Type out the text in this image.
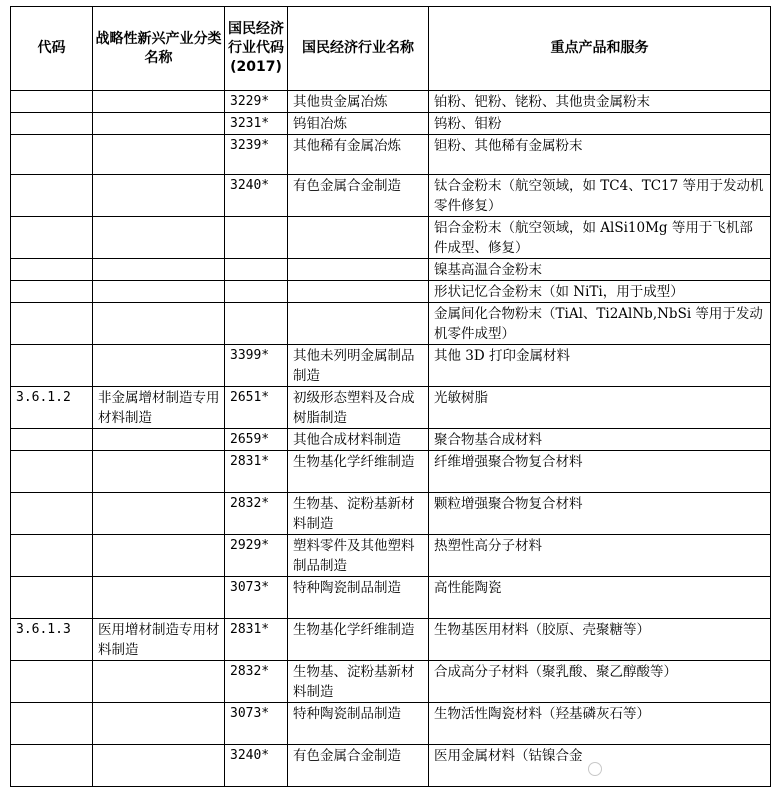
代码	战略性新兴产业分类名称	国民经济行业代码(2017)	国民经济行业名称	重点产品和服务
		3229*	其他贵金属冶炼	铂粉、钯粉、铑粉、其他贵金属粉末
		3231*	钨钼冶炼	钨粉、钼粉
		3239*	其他稀有金属冶炼	钽粉、其他稀有金属粉末
		3240*	有色金属合金制造	钛合金粉末（航空领域，如 TC4、TC17 等用于发动机零件修复）
				铝合金粉末（航空领域，如 AlSi10Mg 等用于飞机部件成型、修复）
				镍基高温合金粉末
				形状记忆合金粉末（如 NiTi，用于成型）
				金属间化合物粉末（TiAl、Ti2AlNb,NbSi 等用于发动机零件成型）
		3399*	其他未列明金属制品制造	其他 3D 打印金属材料
3.6.1.2	非金属增材制造专用材料制造	2651*	初级形态塑料及合成树脂制造	光敏树脂
		2659*	其他合成材料制造	聚合物基合成材料
		2831*	生物基化学纤维制造	纤维增强聚合物复合材料
		2832*	生物基、淀粉基新材料制造	颗粒增强聚合物复合材料
		2929*	塑料零件及其他塑料制品制造	热塑性高分子材料
		3073*	特种陶瓷制品制造	高性能陶瓷
3.6.1.3	医用增材制造专用材料制造	2831*	生物基化学纤维制造	生物基医用材料（胶原、壳聚糖等）
		2832*	生物基、淀粉基新材料制造	合成高分子材料（聚乳酸、聚乙醇酸等）
		3073*	特种陶瓷制品制造	生物活性陶瓷材料（羟基磷灰石等）
		3240*	有色金属合金制造	医用金属材料（钴镍合金
